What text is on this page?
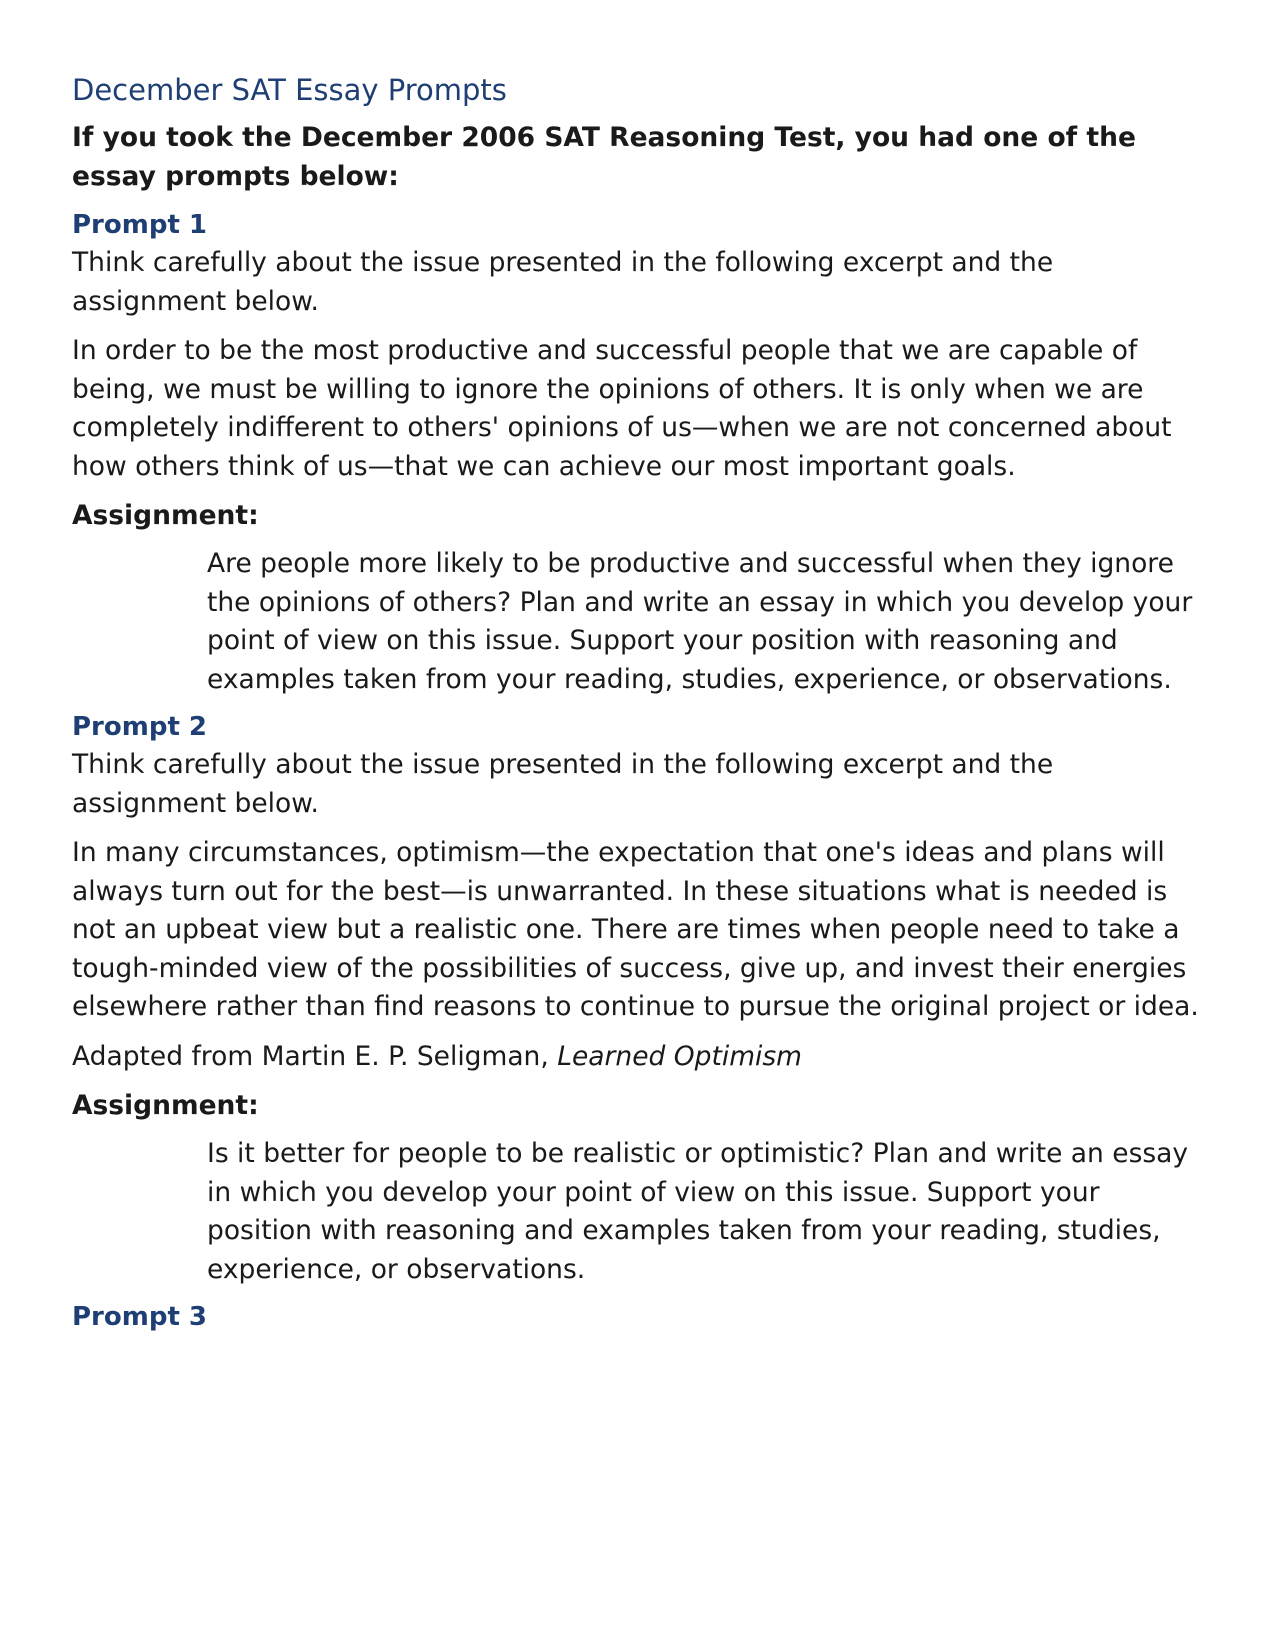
December SAT Essay Prompts

If you took the December 2006 SAT Reasoning Test, you had one of the essay prompts below:

Prompt 1

Think carefully about the issue presented in the following excerpt and the assignment below.

In order to be the most productive and successful people that we are capable of being, we must be willing to ignore the opinions of others. It is only when we are completely indifferent to others' opinions of us—when we are not concerned about how others think of us—that we can achieve our most important goals.

Assignment:

Are people more likely to be productive and successful when they ignore the opinions of others? Plan and write an essay in which you develop your point of view on this issue. Support your position with reasoning and examples taken from your reading, studies, experience, or observations.

Prompt 2

Think carefully about the issue presented in the following excerpt and the assignment below.

In many circumstances, optimism—the expectation that one's ideas and plans will always turn out for the best—is unwarranted. In these situations what is needed is not an upbeat view but a realistic one. There are times when people need to take a tough-minded view of the possibilities of success, give up, and invest their energies elsewhere rather than find reasons to continue to pursue the original project or idea.

Adapted from Martin E. P. Seligman, Learned Optimism

Assignment:

Is it better for people to be realistic or optimistic? Plan and write an essay in which you develop your point of view on this issue. Support your position with reasoning and examples taken from your reading, studies, experience, or observations.

Prompt 3
